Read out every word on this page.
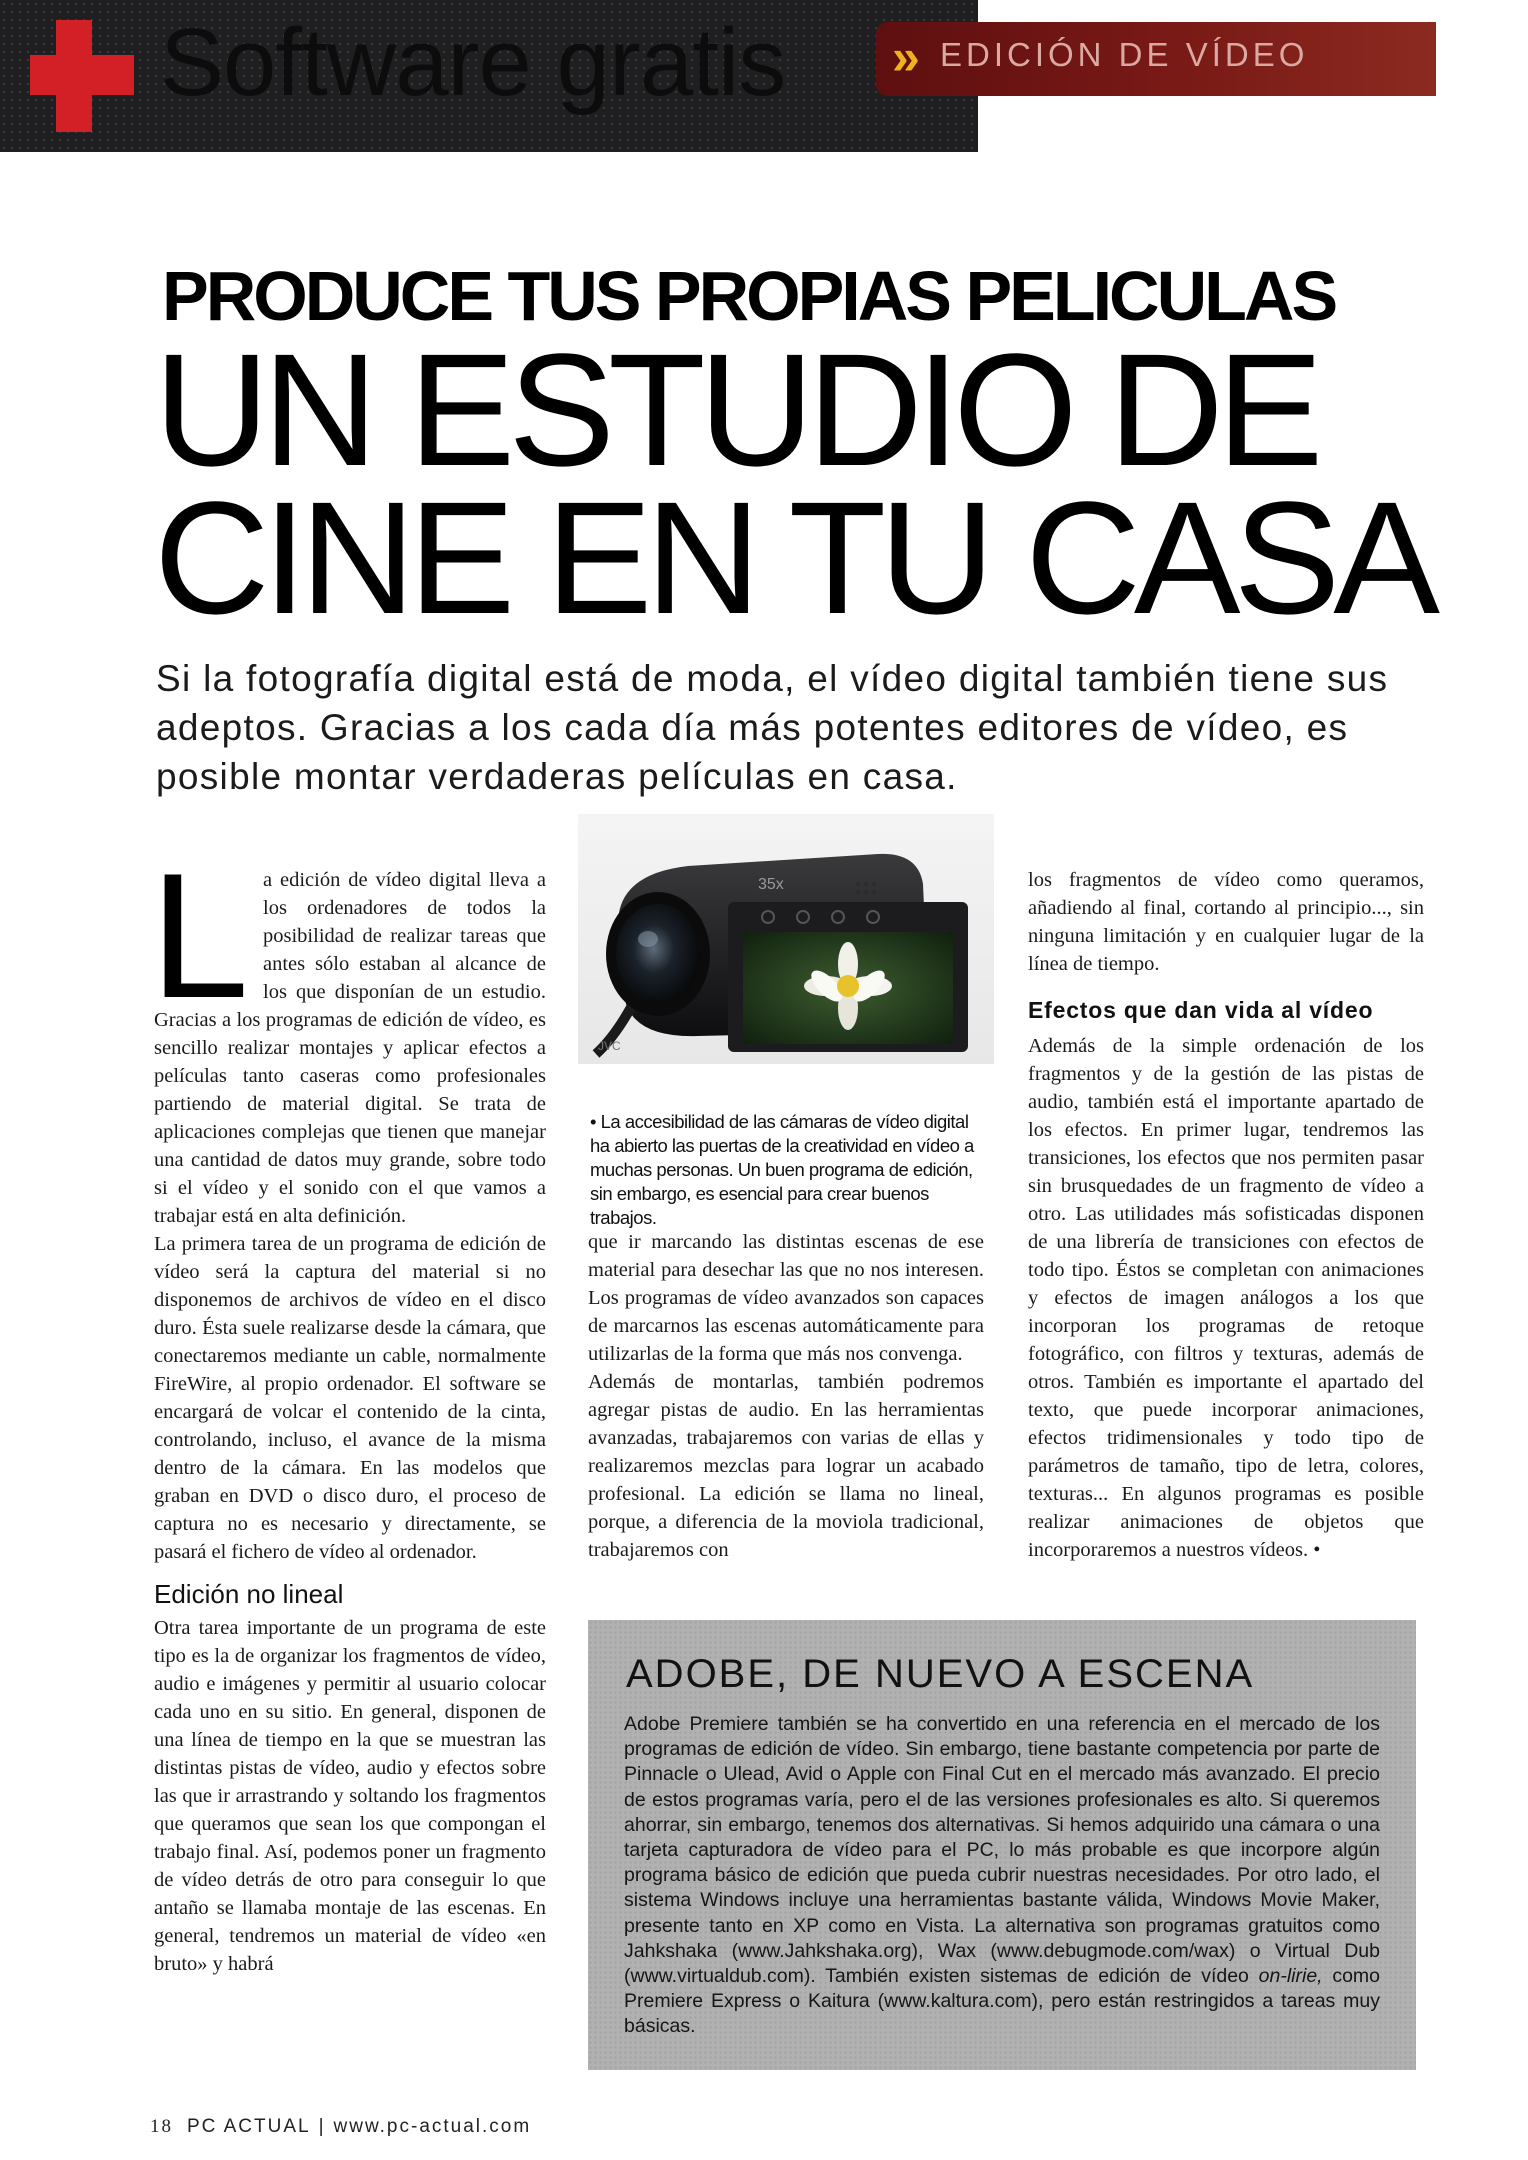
Software gratis » EDICIÓN DE VÍDEO
PRODUCE TUS PROPIAS PELICULAS
UN ESTUDIO DE
CINE EN TU CASA
Si la fotografía digital está de moda, el vídeo digital también tiene sus adeptos. Gracias a los cada día más potentes editores de vídeo, es posible montar verdaderas películas en casa.

La edición de vídeo digital lleva a los ordenadores de todos la posibilidad de realizar tareas que antes sólo estaban al alcance de los que disponían de un estudio. Gracias a los programas de edición de vídeo, es sencillo realizar montajes y aplicar efectos a películas tanto caseras como profesionales partiendo de material digital. Se trata de aplicaciones complejas que tienen que manejar una cantidad de datos muy grande, sobre todo si el vídeo y el sonido con el que vamos a trabajar está en alta definición.

La primera tarea de un programa de edición de vídeo será la captura del material si no disponemos de archivos de vídeo en el disco duro. Ésta suele realizarse desde la cámara, que conectaremos mediante un cable, normalmente FireWire, al propio ordenador. El software se encargará de volcar el contenido de la cinta, controlando, incluso, el avance de la misma dentro de la cámara. En las modelos que graban en DVD o disco duro, el proceso de captura no es necesario y directamente, se pasará el fichero de vídeo al ordenador.

Edición no lineal

Otra tarea importante de un programa de este tipo es la de organizar los fragmentos de vídeo, audio e imágenes y permitir al usuario colocar cada uno en su sitio. En general, disponen de una línea de tiempo en la que se muestran las distintas pistas de vídeo, audio y efectos sobre las que ir arrastrando y soltando los fragmentos que queramos que sean los que compongan el trabajo final. Así, podemos poner un fragmento de vídeo detrás de otro para conseguir lo que antaño se llamaba montaje de las escenas. En general, tendremos un material de vídeo «en bruto» y habrá

35x
JVC
• La accesibilidad de las cámaras de vídeo digital ha abierto las puertas de la creatividad en vídeo a muchas personas. Un buen programa de edición, sin embargo, es esencial para crear buenos trabajos.

que ir marcando las distintas escenas de ese material para desechar las que no nos interesen. Los programas de vídeo avanzados son capaces de marcarnos las escenas automáticamente para utilizarlas de la forma que más nos convenga.

Además de montarlas, también podremos agregar pistas de audio. En las herramientas avanzadas, trabajaremos con varias de ellas y realizaremos mezclas para lograr un acabado profesional. La edición se llama no lineal, porque, a diferencia de la moviola tradicional, trabajaremos con

los fragmentos de vídeo como queramos, añadiendo al final, cortando al principio..., sin ninguna limitación y en cualquier lugar de la línea de tiempo.

Efectos que dan vida al vídeo

Además de la simple ordenación de los fragmentos y de la gestión de las pistas de audio, también está el importante apartado de los efectos. En primer lugar, tendremos las transiciones, los efectos que nos permiten pasar sin brusquedades de un fragmento de vídeo a otro. Las utilidades más sofisticadas disponen de una librería de transiciones con efectos de todo tipo. Éstos se completan con animaciones y efectos de imagen análogos a los que incorporan los programas de retoque fotográfico, con filtros y texturas, además de otros. También es importante el apartado del texto, que puede incorporar animaciones, efectos tridimensionales y todo tipo de parámetros de tamaño, tipo de letra, colores, texturas... En algunos programas es posible realizar animaciones de objetos que incorporaremos a nuestros vídeos. •

ADOBE, DE NUEVO A ESCENA
Adobe Premiere también se ha convertido en una referencia en el mercado de los programas de edición de vídeo. Sin embargo, tiene bastante competencia por parte de Pinnacle o Ulead, Avid o Apple con Final Cut en el mercado más avanzado. El precio de estos programas varía, pero el de las versiones profesionales es alto. Si queremos ahorrar, sin embargo, tenemos dos alternativas. Si hemos adquirido una cámara o una tarjeta capturadora de vídeo para el PC, lo más probable es que incorpore algún programa básico de edición que pueda cubrir nuestras necesidades. Por otro lado, el sistema Windows incluye una herramientas bastante válida, Windows Movie Maker, presente tanto en XP como en Vista. La alternativa son programas gratuitos como Jahkshaka (www.Jahkshaka.org), Wax (www.debugmode.com/wax) o Virtual Dub (www.virtualdub.com). También existen sistemas de edición de vídeo on-lirie, como Premiere Express o Kaitura (www.kaltura.com), pero están restringidos a tareas muy básicas.
18 PC ACTUAL | www.pc-actual.com
